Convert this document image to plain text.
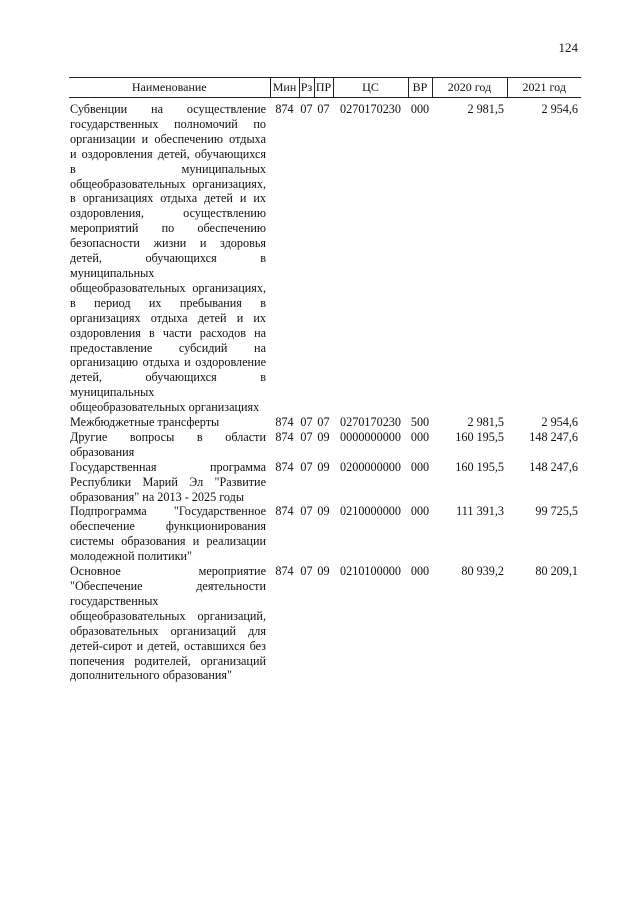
124
Наименование	Мин	Рз	ПР	ЦС	ВР	2020 год	2021 год
Субвенции на осуществление государственных полномочий по организации и обеспечению отдыха и оздоровления детей, обучающихся в муниципальных общеобразовательных организациях, в организациях отдыха детей и их оздоровления, осуществлению мероприятий по обеспечению безопасности жизни и здоровья детей, обучающихся в муниципальных общеобразовательных организациях, в период их пребывания в организациях отдыха детей и их оздоровления в части расходов на предоставление субсидий на организацию отдыха и оздоровление детей, обучающихся в муниципальных общеобразовательных организациях	874	07	07	0270170230	000	2 981,5	2 954,6
Межбюджетные трансферты	874	07	07	0270170230	500	2 981,5	2 954,6
Другие вопросы в области образования	874	07	09	0000000000	000	160 195,5	148 247,6
Государственная программа Республики Марий Эл "Развитие образования" на 2013 - 2025 годы	874	07	09	0200000000	000	160 195,5	148 247,6
Подпрограмма "Государственное обеспечение функционирования системы образования и реализации молодежной политики"	874	07	09	0210000000	000	111 391,3	99 725,5
Основное мероприятие "Обеспечение деятельности государственных общеобразовательных организаций, образовательных организаций для детей-сирот и детей, оставшихся без попечения родителей, организаций дополнительного образования"	874	07	09	0210100000	000	80 939,2	80 209,1
